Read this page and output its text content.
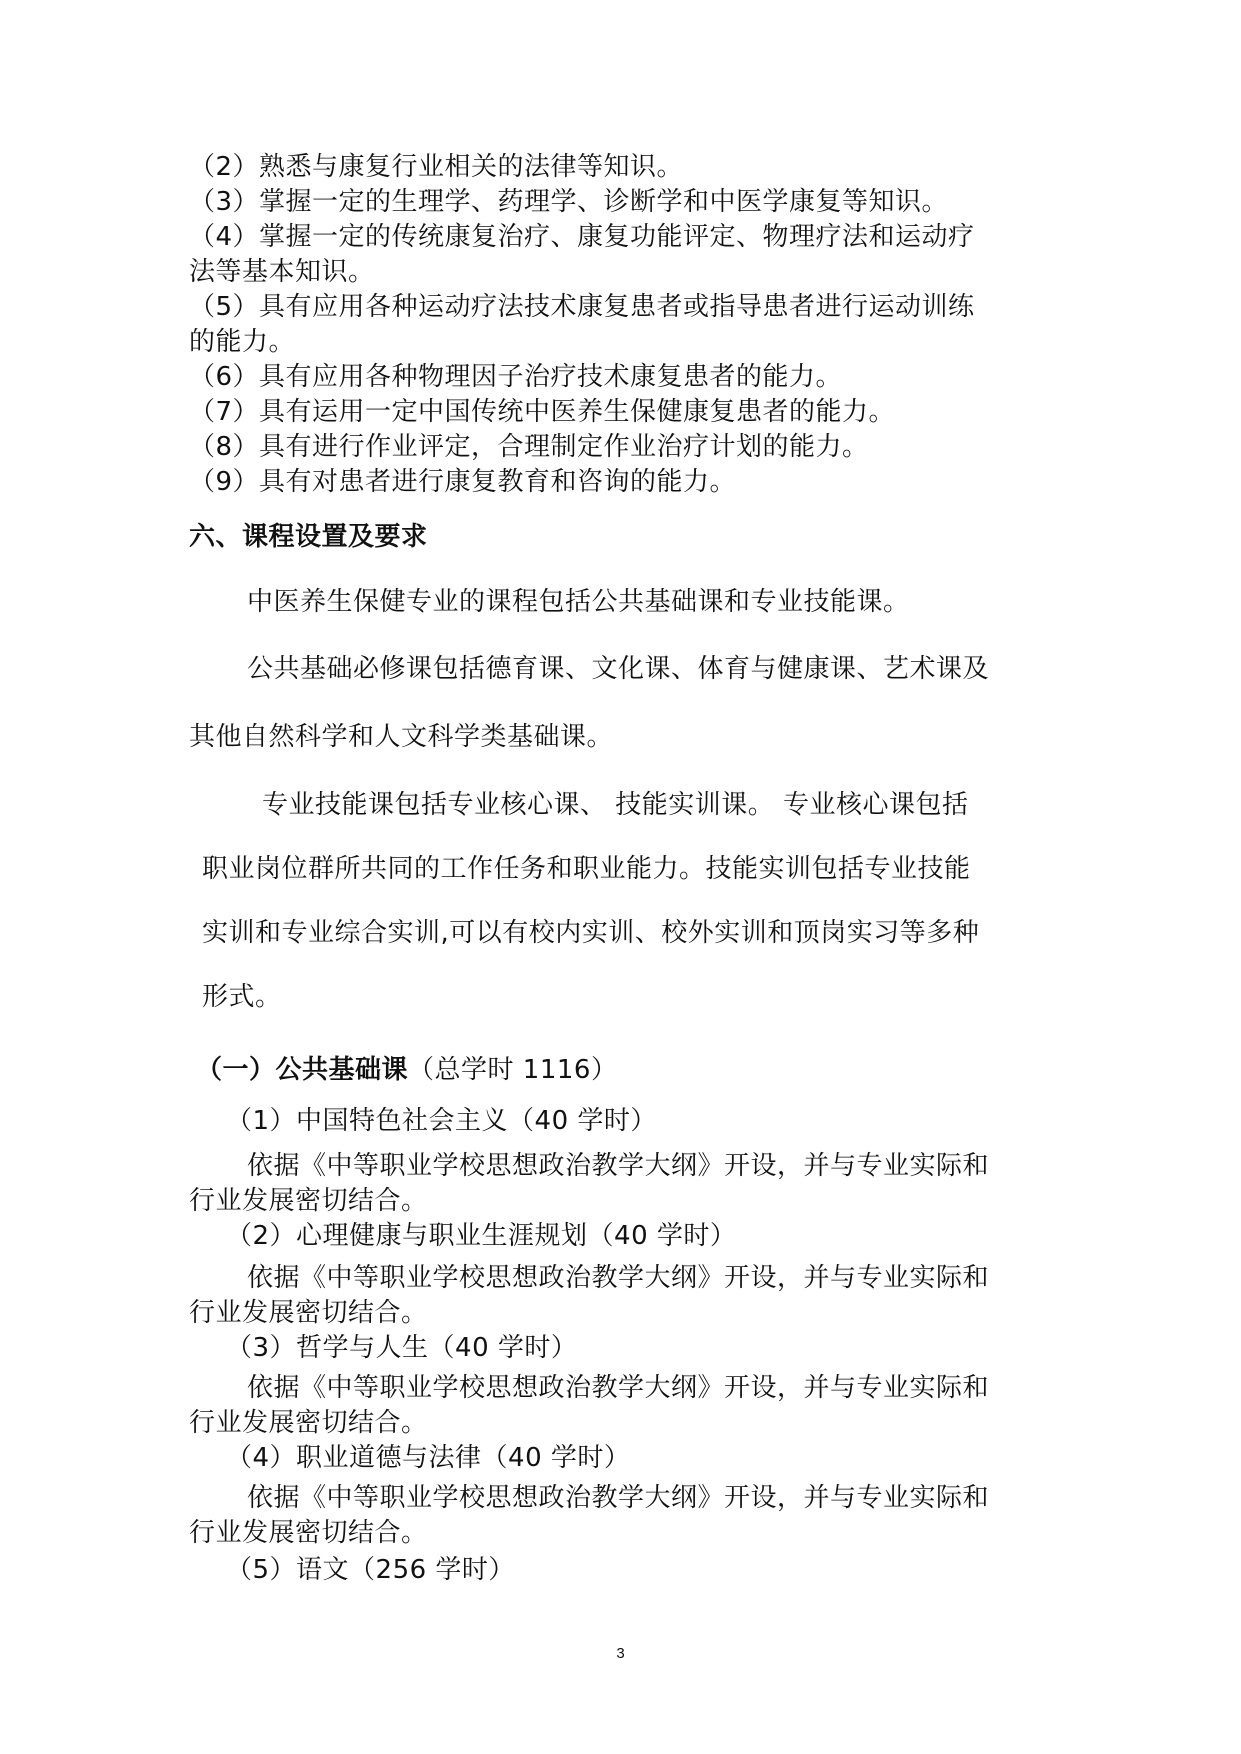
（2）熟悉与康复行业相关的法律等知识。
（3）掌握一定的生理学、药理学、诊断学和中医学康复等知识。
（4）掌握一定的传统康复治疗、康复功能评定、物理疗法和运动疗
法等基本知识。
（5）具有应用各种运动疗法技术康复患者或指导患者进行运动训练
的能力。
（6）具有应用各种物理因子治疗技术康复患者的能力。
（7）具有运用一定中国传统中医养生保健康复患者的能力。
（8）具有进行作业评定，合理制定作业治疗计划的能力。
（9）具有对患者进行康复教育和咨询的能力。
六、课程设置及要求
中医养生保健专业的课程包括公共基础课和专业技能课。
公共基础必修课包括德育课、文化课、体育与健康课、艺术课及
其他自然科学和人文科学类基础课。
专业技能课包括专业核心课、 技能实训课。 专业核心课包括
职业岗位群所共同的工作任务和职业能力。技能实训包括专业技能
实训和专业综合实训,可以有校内实训、校外实训和顶岗实习等多种
形式。
（一）公共基础课（总学时 1116）
（1）中国特色社会主义（40 学时）
依据《中等职业学校思想政治教学大纲》开设，并与专业实际和
行业发展密切结合。
（2）心理健康与职业生涯规划（40 学时）
依据《中等职业学校思想政治教学大纲》开设，并与专业实际和
行业发展密切结合。
（3）哲学与人生（40 学时）
依据《中等职业学校思想政治教学大纲》开设，并与专业实际和
行业发展密切结合。
（4）职业道德与法律（40 学时）
依据《中等职业学校思想政治教学大纲》开设，并与专业实际和
行业发展密切结合。
（5）语文（256 学时）
3
